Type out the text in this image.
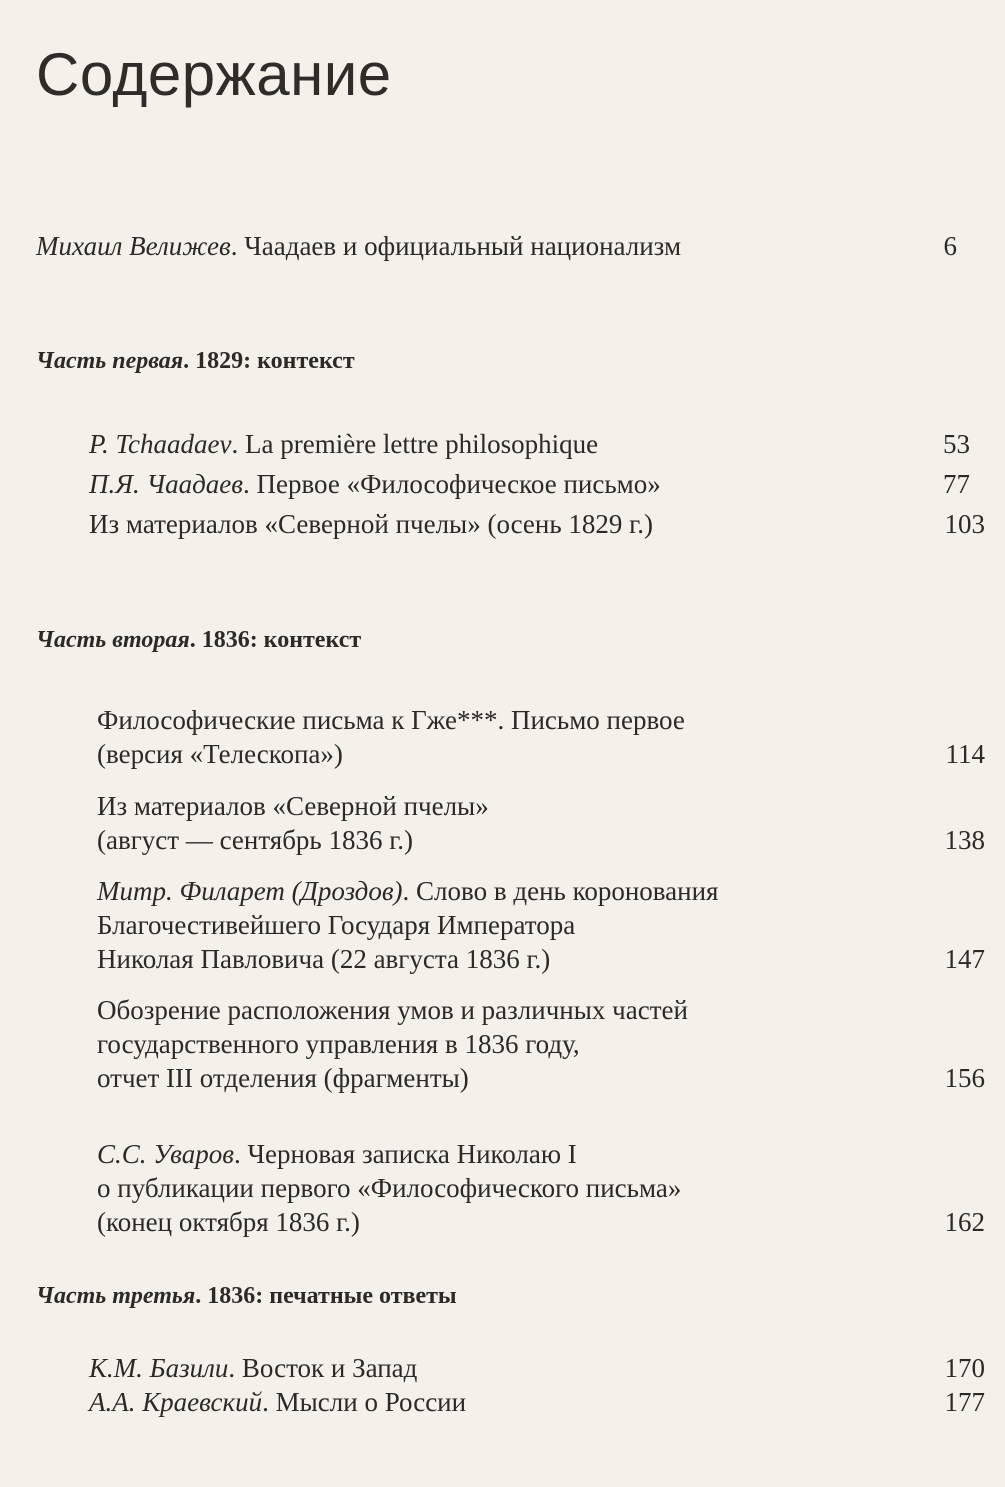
Содержание
Михаил Велижев. Чаадаев и официальный национализм	6
Часть первая. 1829: контекст
P. Tchaadaev. La première lettre philosophique	53
П.Я. Чаадаев. Первое «Философическое письмо»	77
Из материалов «Северной пчелы» (осень 1829 г.)	103
Часть вторая. 1836: контекст
Философические письма к Гже***. Письмо первое
(версия «Телескопа»)	114
Из материалов «Северной пчелы»
(август — сентябрь 1836 г.)	138
Митр. Филарет (Дроздов). Слово в день коронования
Благочестивейшего Государя Императора
Николая Павловича (22 августа 1836 г.)	147
Обозрение расположения умов и различных частей
государственного управления в 1836 году,
отчет III отделения (фрагменты)	156
С.С. Уваров. Черновая записка Николаю I
о публикации первого «Философического письма»
(конец октября 1836 г.)	162
Часть третья. 1836: печатные ответы
К.М. Базили. Восток и Запад	170
А.А. Краевский. Мысли о России	177
